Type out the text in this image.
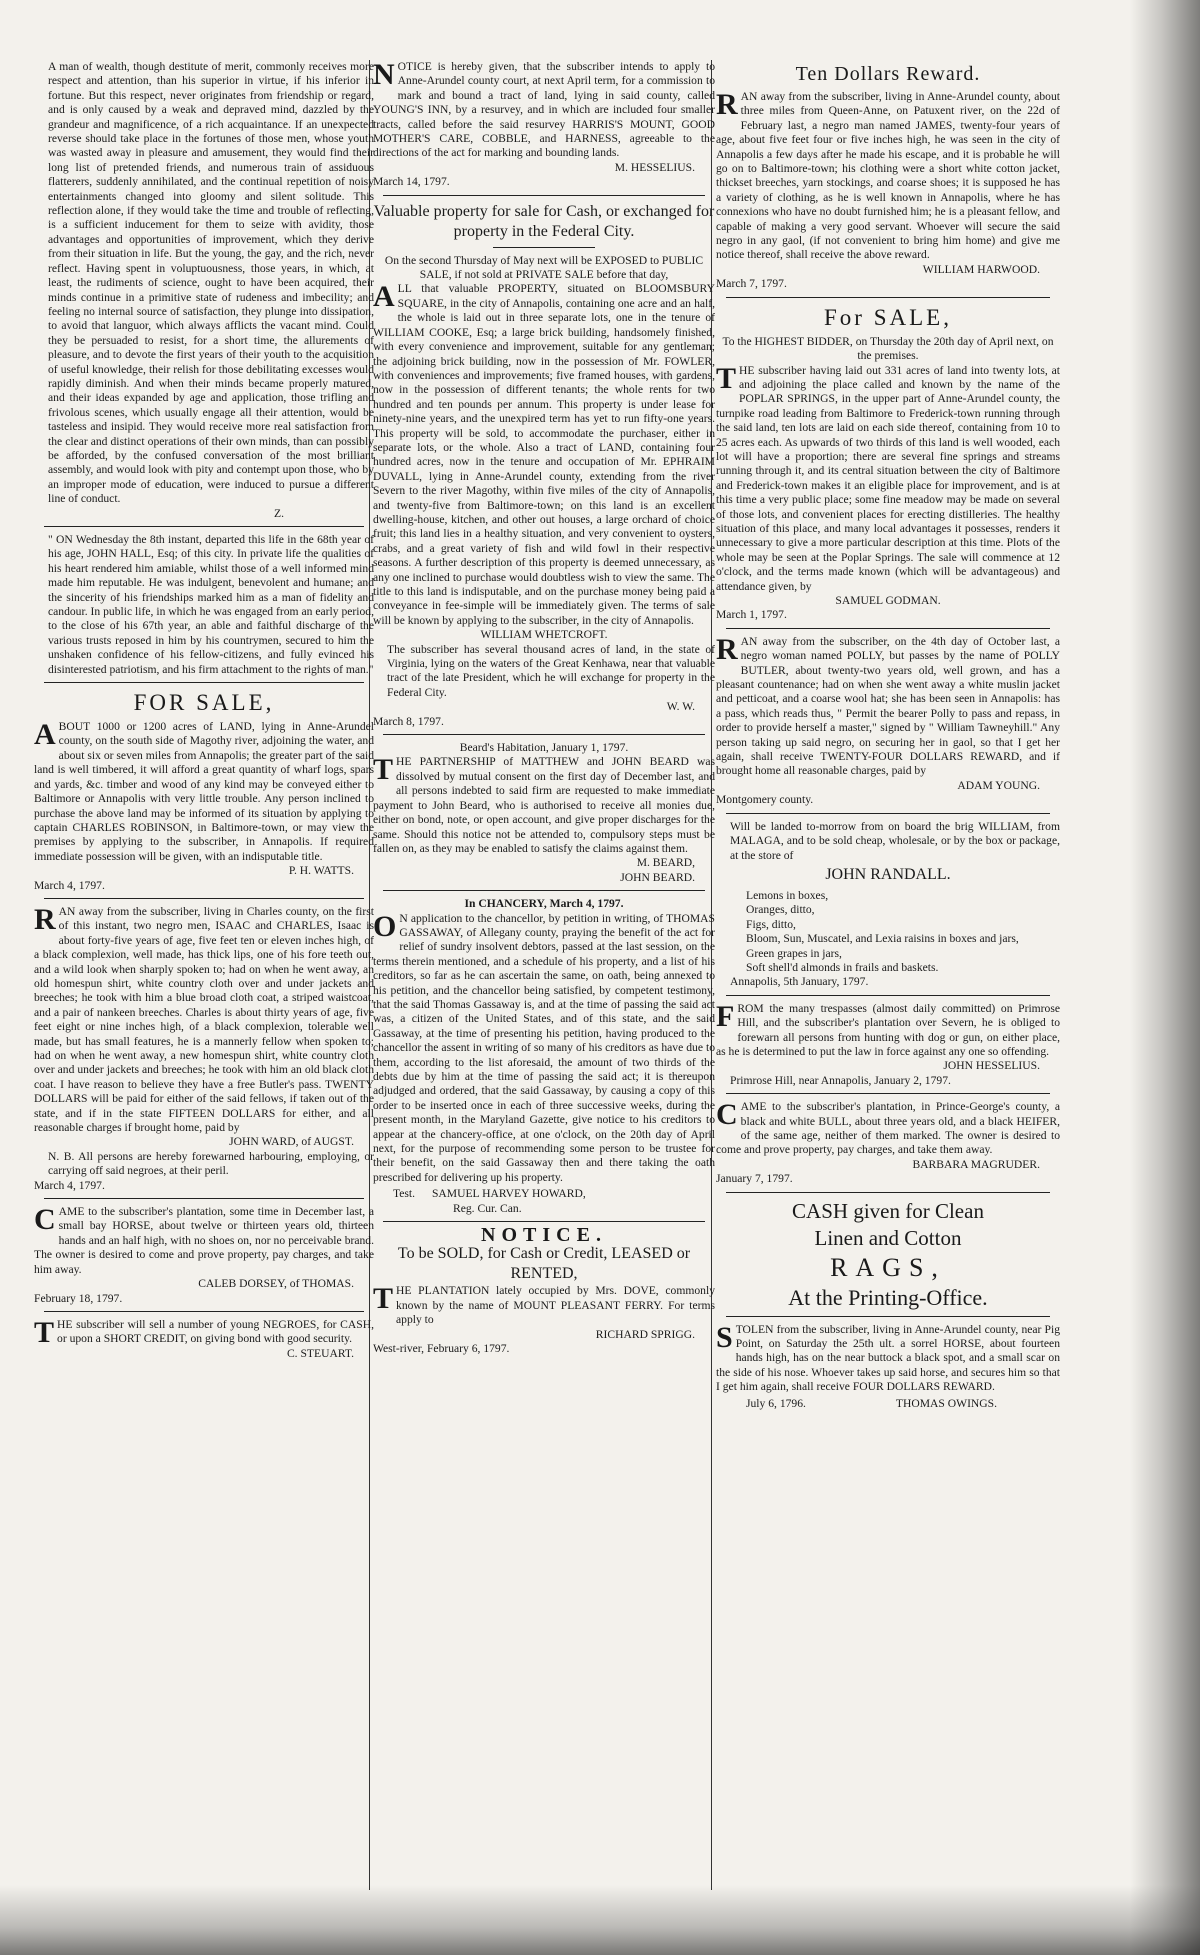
A man of wealth, though destitute of merit, commonly receives more respect and attention, than his superior in virtue, if his inferior in fortune. But this respect, never originates from friendship or regard, and is only caused by a weak and depraved mind, dazzled by the grandeur and magnificence, of a rich acquaintance. If an unexpected reverse should take place in the fortunes of those men, whose youth was wasted away in pleasure and amusement, they would find their long list of pretended friends, and numerous train of assiduous flatterers, suddenly annihilated, and the continual repetition of noisy entertainments changed into gloomy and silent solitude. This reflection alone, if they would take the time and trouble of reflecting, is a sufficient inducement for them to seize with avidity, those advantages and opportunities of improvement, which they derive from their situation in life. But the young, the gay, and the rich, never reflect. Having spent in voluptuousness, those years, in which, at least, the rudiments of science, ought to have been acquired, their minds continue in a primitive state of rudeness and imbecility; and feeling no internal source of satisfaction, they plunge into dissipation, to avoid that languor, which always afflicts the vacant mind. Could they be persuaded to resist, for a short time, the allurements of pleasure, and to devote the first years of their youth to the acquisition of useful knowledge, their relish for those debilitating excesses would rapidly diminish. And when their minds became properly matured, and their ideas expanded by age and application, those trifling and frivolous scenes, which usually engage all their attention, would be tasteless and insipid. They would receive more real satisfaction from the clear and distinct operations of their own minds, than can possibly be afforded, by the confused conversation of the most brilliant assembly, and would look with pity and contempt upon those, who by an improper mode of education, were induced to pursue a different line of conduct.

Z.

" ON Wednesday the 8th instant, departed this life in the 68th year of his age, JOHN HALL, Esq; of this city. In private life the qualities of his heart rendered him amiable, whilst those of a well informed mind made him reputable. He was indulgent, benevolent and humane; and the sincerity of his friendships marked him as a man of fidelity and candour. In public life, in which he was engaged from an early period, to the close of his 67th year, an able and faithful discharge of the various trusts reposed in him by his countrymen, secured to him the unshaken confidence of his fellow-citizens, and fully evinced his disinterested patriotism, and his firm attachment to the rights of man."

FOR SALE,

ABOUT 1000 or 1200 acres of LAND, lying in Anne-Arundel county, on the south side of Magothy river, adjoining the water, and about six or seven miles from Annapolis; the greater part of the said land is well timbered, it will afford a great quantity of wharf logs, spars and yards, &c. timber and wood of any kind may be conveyed either to Baltimore or Annapolis with very little trouble. Any person inclined to purchase the above land may be informed of its situation by applying to captain CHARLES ROBINSON, in Baltimore-town, or may view the premises by applying to the subscriber, in Annapolis. If required immediate possession will be given, with an indisputable title.

P. H. WATTS.

March 4, 1797.

RAN away from the subscriber, living in Charles county, on the first of this instant, two negro men, ISAAC and CHARLES, Isaac is about forty-five years of age, five feet ten or eleven inches high, of a black complexion, well made, has thick lips, one of his fore teeth out, and a wild look when sharply spoken to; had on when he went away, an old homespun shirt, white country cloth over and under jackets and breeches; he took with him a blue broad cloth coat, a striped waistcoat, and a pair of nankeen breeches. Charles is about thirty years of age, five feet eight or nine inches high, of a black complexion, tolerable well made, but has small features, he is a mannerly fellow when spoken to; had on when he went away, a new homespun shirt, white country cloth over and under jackets and breeches; he took with him an old black cloth coat. I have reason to believe they have a free Butler's pass. TWENTY DOLLARS will be paid for either of the said fellows, if taken out of the state, and if in the state FIFTEEN DOLLARS for either, and all reasonable charges if brought home, paid by

JOHN WARD, of AUGST.

N. B. All persons are hereby forewarned harbouring, employing, or carrying off said negroes, at their peril.

March 4, 1797.

CAME to the subscriber's plantation, some time in December last, a small bay HORSE, about twelve or thirteen years old, thirteen hands and an half high, with no shoes on, nor no perceivable brand. The owner is desired to come and prove property, pay charges, and take him away.

CALEB DORSEY, of THOMAS.

February 18, 1797.

THE subscriber will sell a number of young NEGROES, for CASH, or upon a SHORT CREDIT, on giving bond with good security.

C. STEUART.

NOTICE is hereby given, that the subscriber intends to apply to Anne-Arundel county court, at next April term, for a commission to mark and bound a tract of land, lying in said county, called YOUNG'S INN, by a resurvey, and in which are included four smaller tracts, called before the said resurvey HARRIS'S MOUNT, GOOD MOTHER'S CARE, COBBLE, and HARNESS, agreeable to the directions of the act for marking and bounding lands.

M. HESSELIUS.

March 14, 1797.

Valuable property for sale for Cash, or exchanged for property in the Federal City.

On the second Thursday of May next will be EXPOSED to PUBLIC SALE, if not sold at PRIVATE SALE before that day,

ALL that valuable PROPERTY, situated on BLOOMSBURY SQUARE, in the city of Annapolis, containing one acre and an half, the whole is laid out in three separate lots, one in the tenure of WILLIAM COOKE, Esq; a large brick building, handsomely finished, with every convenience and improvement, suitable for any gentleman; the adjoining brick building, now in the possession of Mr. FOWLER, with conveniences and improvements; five framed houses, with gardens, now in the possession of different tenants; the whole rents for two hundred and ten pounds per annum. This property is under lease for ninety-nine years, and the unexpired term has yet to run fifty-one years. This property will be sold, to accommodate the purchaser, either in separate lots, or the whole. Also a tract of LAND, containing four hundred acres, now in the tenure and occupation of Mr. EPHRAIM DUVALL, lying in Anne-Arundel county, extending from the river Severn to the river Magothy, within five miles of the city of Annapolis, and twenty-five from Baltimore-town; on this land is an excellent dwelling-house, kitchen, and other out houses, a large orchard of choice fruit; this land lies in a healthy situation, and very convenient to oysters, crabs, and a great variety of fish and wild fowl in their respective seasons. A further description of this property is deemed unnecessary, as any one inclined to purchase would doubtless wish to view the same. The title to this land is indisputable, and on the purchase money being paid a conveyance in fee-simple will be immediately given. The terms of sale will be known by applying to the subscriber, in the city of Annapolis.

WILLIAM WHETCROFT.

The subscriber has several thousand acres of land, in the state of Virginia, lying on the waters of the Great Kenhawa, near that valuable tract of the late President, which he will exchange for property in the Federal City.

W. W.

March 8, 1797.

Beard's Habitation, January 1, 1797.

THE PARTNERSHIP of MATTHEW and JOHN BEARD was dissolved by mutual consent on the first day of December last, and all persons indebted to said firm are requested to make immediate payment to John Beard, who is authorised to receive all monies due, either on bond, note, or open account, and give proper discharges for the same. Should this notice not be attended to, compulsory steps must be fallen on, as they may be enabled to satisfy the claims against them.

M. BEARD,

JOHN BEARD.

In CHANCERY, March 4, 1797.

O N application to the chancellor, by petition in writing, of THOMAS GASSAWAY, of Allegany county, praying the benefit of the act for relief of sundry insolvent debtors, passed at the last session, on the terms therein mentioned, and a schedule of his property, and a list of his creditors, so far as he can ascertain the same, on oath, being annexed to his petition, and the chancellor being satisfied, by competent testimony, that the said Thomas Gassaway is, and at the time of passing the said act was, a citizen of the United States, and of this state, and the said Gassaway, at the time of presenting his petition, having produced to the chancellor the assent in writing of so many of his creditors as have due to them, according to the list aforesaid, the amount of two thirds of the debts due by him at the time of passing the said act; it is thereupon adjudged and ordered, that the said Gassaway, by causing a copy of this order to be inserted once in each of three successive weeks, during the present month, in the Maryland Gazette, give notice to his creditors to appear at the chancery-office, at one o'clock, on the 20th day of April next, for the purpose of recommending some person to be trustee for their benefit, on the said Gassaway then and there taking the oath prescribed for delivering up his property.

Test. SAMUEL HARVEY HOWARD,

Reg. Cur. Can.

NOTICE.

To be SOLD, for Cash or Credit, LEASED or RENTED,

THE PLANTATION lately occupied by Mrs. DOVE, commonly known by the name of MOUNT PLEASANT FERRY. For terms apply to

RICHARD SPRIGG.

West-river, February 6, 1797.

Ten Dollars Reward.

RAN away from the subscriber, living in Anne-Arundel county, about three miles from Queen-Anne, on Patuxent river, on the 22d of February last, a negro man named JAMES, twenty-four years of age, about five feet four or five inches high, he was seen in the city of Annapolis a few days after he made his escape, and it is probable he will go on to Baltimore-town; his clothing were a short white cotton jacket, thickset breeches, yarn stockings, and coarse shoes; it is supposed he has a variety of clothing, as he is well known in Annapolis, where he has connexions who have no doubt furnished him; he is a pleasant fellow, and capable of making a very good servant. Whoever will secure the said negro in any gaol, (if not convenient to bring him home) and give me notice thereof, shall receive the above reward.

WILLIAM HARWOOD.

March 7, 1797.

For SALE,

To the HIGHEST BIDDER, on Thursday the 20th day of April next, on the premises.

THE subscriber having laid out 331 acres of land into twenty lots, at and adjoining the place called and known by the name of the POPLAR SPRINGS, in the upper part of Anne-Arundel county, the turnpike road leading from Baltimore to Frederick-town running through the said land, ten lots are laid on each side thereof, containing from 10 to 25 acres each. As upwards of two thirds of this land is well wooded, each lot will have a proportion; there are several fine springs and streams running through it, and its central situation between the city of Baltimore and Frederick-town makes it an eligible place for improvement, and is at this time a very public place; some fine meadow may be made on several of those lots, and convenient places for erecting distilleries. The healthy situation of this place, and many local advantages it possesses, renders it unnecessary to give a more particular description at this time. Plots of the whole may be seen at the Poplar Springs. The sale will commence at 12 o'clock, and the terms made known (which will be advantageous) and attendance given, by

SAMUEL GODMAN.

March 1, 1797.

RAN away from the subscriber, on the 4th day of October last, a negro woman named POLLY, but passes by the name of POLLY BUTLER, about twenty-two years old, well grown, and has a pleasant countenance; had on when she went away a white muslin jacket and petticoat, and a coarse wool hat; she has been seen in Annapolis: has a pass, which reads thus, " Permit the bearer Polly to pass and repass, in order to provide herself a master," signed by " William Tawneyhill." Any person taking up said negro, on securing her in gaol, so that I get her again, shall receive TWENTY-FOUR DOLLARS REWARD, and if brought home all reasonable charges, paid by

ADAM YOUNG.

Montgomery county.

Will be landed to-morrow from on board the brig WILLIAM, from MALAGA, and to be sold cheap, wholesale, or by the box or package, at the store of

JOHN RANDALL.
Lemons in boxes,
Oranges, ditto,
Figs, ditto,
Bloom, Sun, Muscatel, and Lexia raisins in boxes and jars,
Green grapes in jars,
Soft shell'd almonds in frails and baskets.

Annapolis, 5th January, 1797.

FROM the many trespasses (almost daily committed) on Primrose Hill, and the subscriber's plantation over Severn, he is obliged to forewarn all persons from hunting with dog or gun, on either place, as he is determined to put the law in force against any one so offending.

JOHN HESSELIUS.

Primrose Hill, near Annapolis, January 2, 1797.

CAME to the subscriber's plantation, in Prince-George's county, a black and white BULL, about three years old, and a black HEIFER, of the same age, neither of them marked. The owner is desired to come and prove property, pay charges, and take them away.

BARBARA MAGRUDER.

January 7, 1797.

CASH given for Clean
Linen and Cotton
RAGS,
At the Printing-Office.

STOLEN from the subscriber, living in Anne-Arundel county, near Pig Point, on Saturday the 25th ult. a sorrel HORSE, about fourteen hands high, has on the near buttock a black spot, and a small scar on the side of his nose. Whoever takes up said horse, and secures him so that I get him again, shall receive FOUR DOLLARS REWARD.

July 6, 1796.	THOMAS OWINGS.
